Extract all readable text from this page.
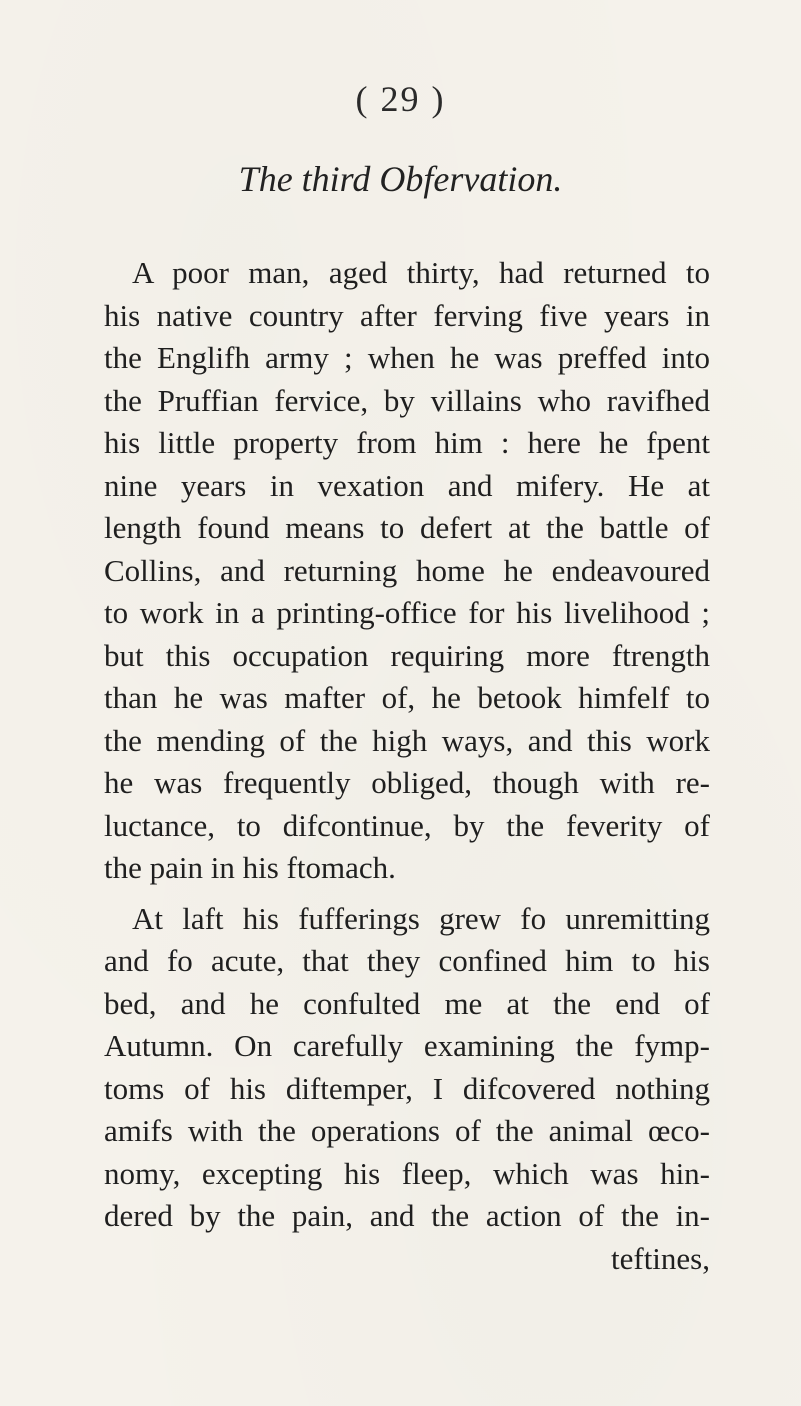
( 29 )
The third Obfervation.
A poor man, aged thirty, had returned to
his native country after ferving five years in
the Englifh army ; when he was preffed into
the Pruffian fervice, by villains who ravifhed
his little property from him : here he fpent
nine years in vexation and mifery. He at
length found means to defert at the battle of
Collins, and returning home he endeavoured
to work in a printing-office for his livelihood ;
but this occupation requiring more ftrength
than he was mafter of, he betook himfelf to
the mending of the high ways, and this work
he was frequently obliged, though with re-
luctance, to difcontinue, by the feverity of
the pain in his ftomach.
At laft his fufferings grew fo unremitting
and fo acute, that they confined him to his
bed, and he confulted me at the end of
Autumn. On carefully examining the fymp-
toms of his diftemper, I difcovered nothing
amifs with the operations of the animal œco-
nomy, excepting his fleep, which was hin-
dered by the pain, and the action of the in-
teftines,
